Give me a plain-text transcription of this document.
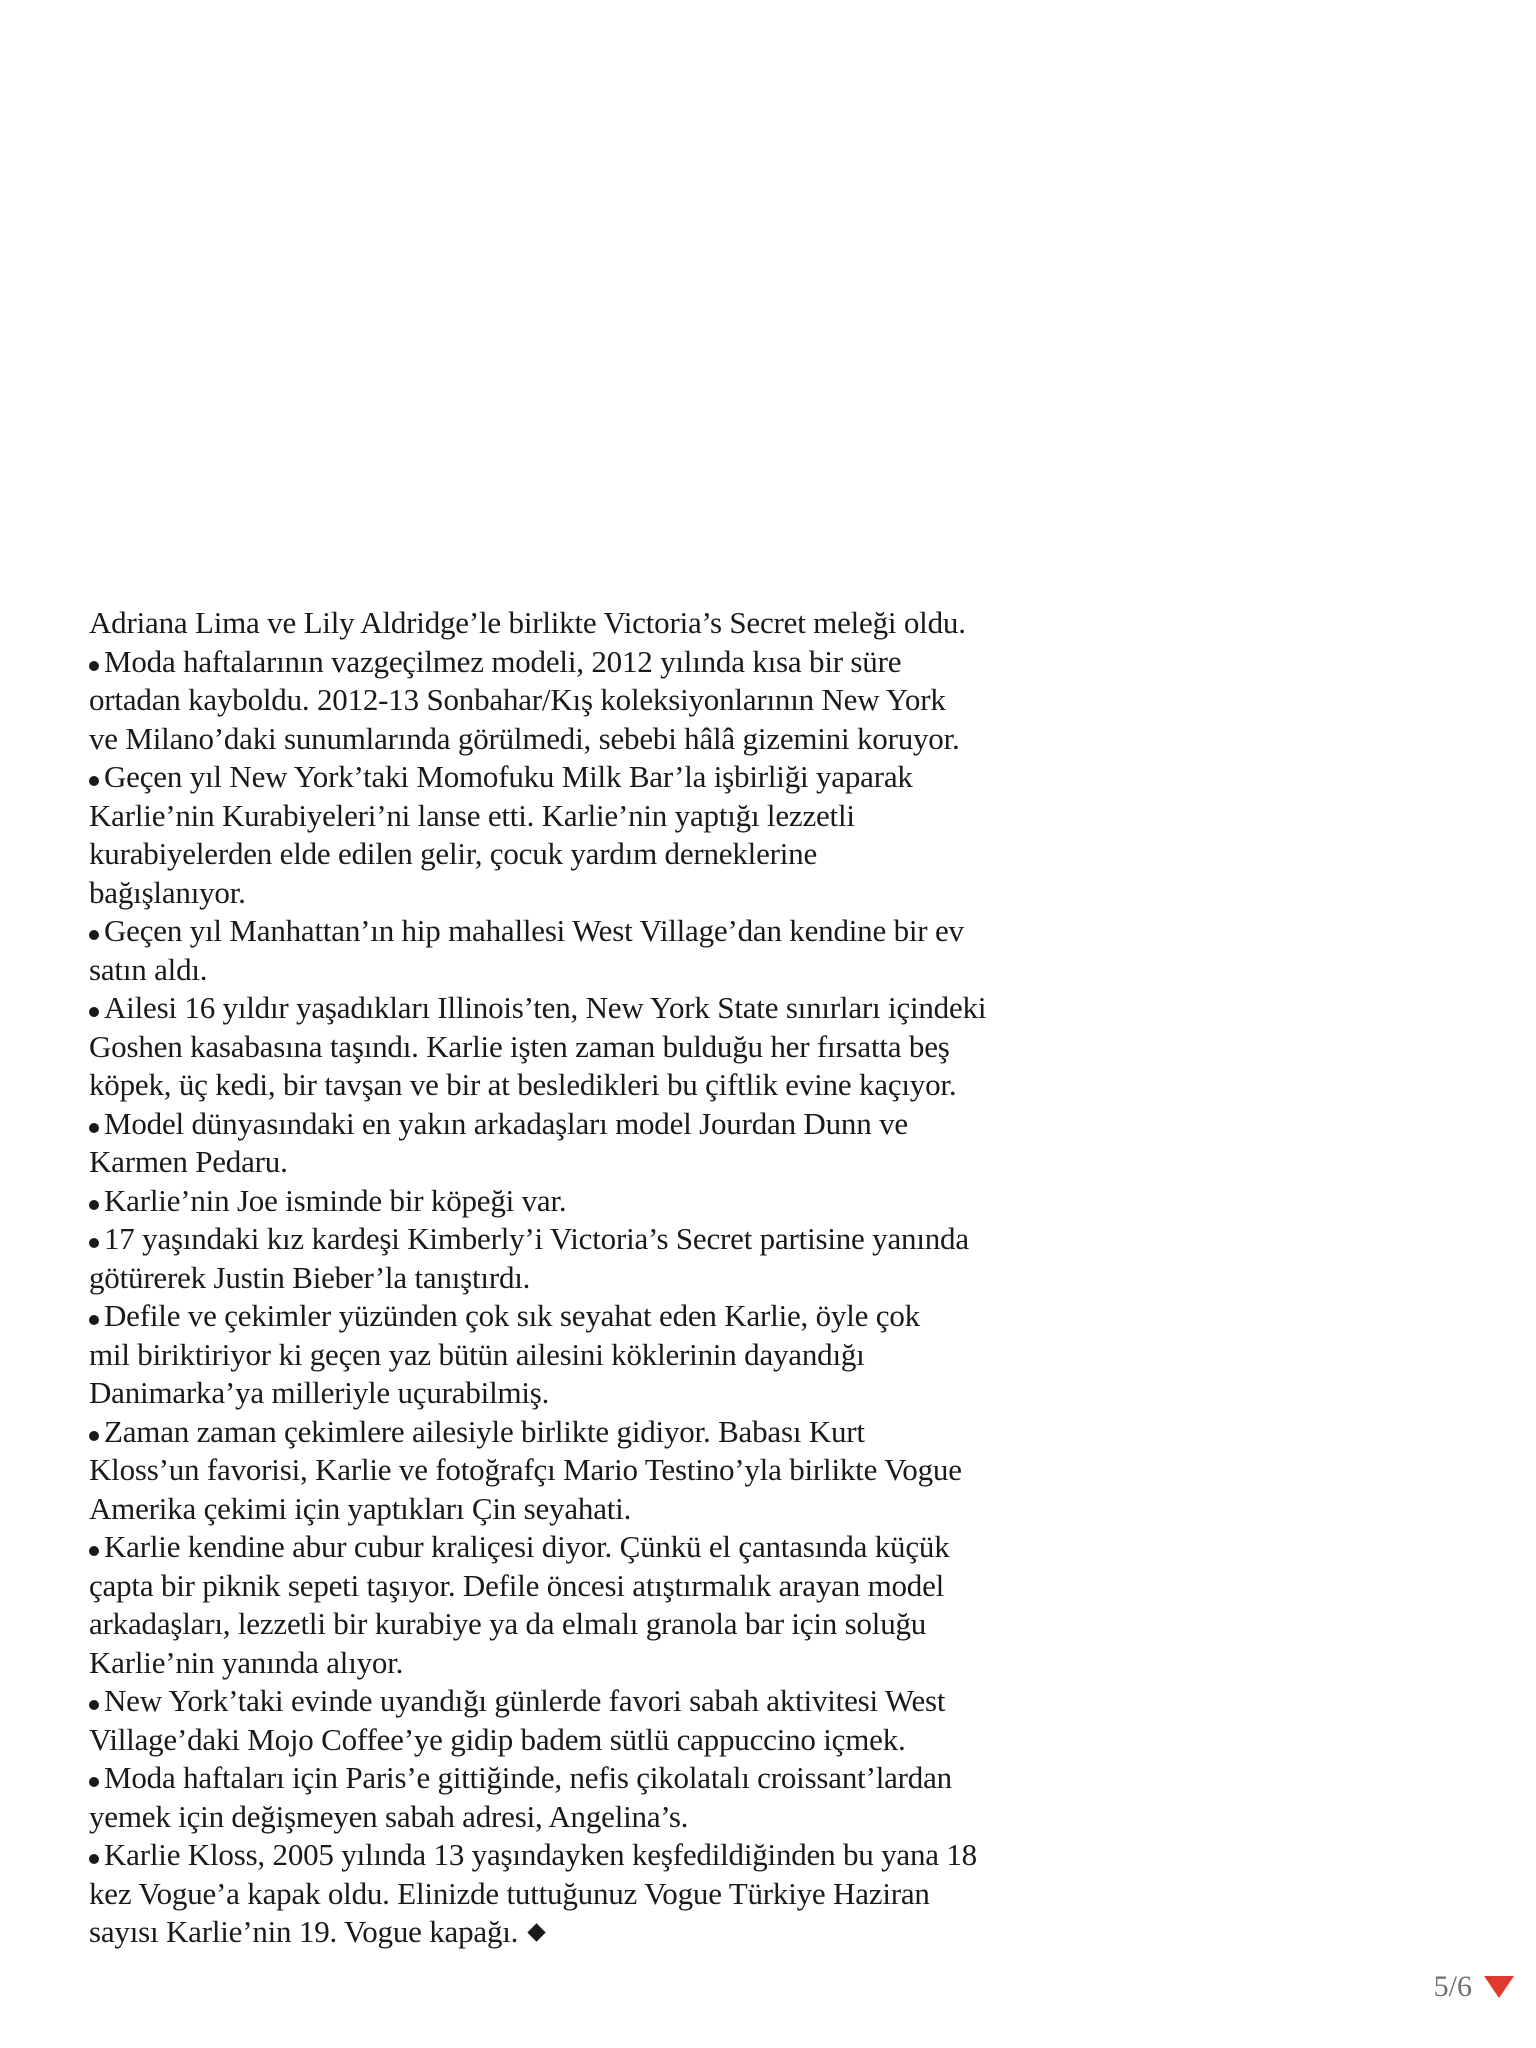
Adriana Lima ve Lily Aldridge’le birlikte Victoria’s Secret meleği oldu.

Moda haftalarının vazgeçilmez modeli, 2012 yılında kısa bir süre
ortadan kayboldu. 2012-13 Sonbahar/Kış koleksiyonlarının New York
ve Milano’daki sunumlarında görülmedi, sebebi hâlâ gizemini koruyor.

Geçen yıl New York’taki Momofuku Milk Bar’la işbirliği yaparak
Karlie’nin Kurabiyeleri’ni lanse etti. Karlie’nin yaptığı lezzetli
kurabiyelerden elde edilen gelir, çocuk yardım derneklerine
bağışlanıyor.

Geçen yıl Manhattan’ın hip mahallesi West Village’dan kendine bir ev
satın aldı.

Ailesi 16 yıldır yaşadıkları Illinois’ten, New York State sınırları içindeki
Goshen kasabasına taşındı. Karlie işten zaman bulduğu her fırsatta beş
köpek, üç kedi, bir tavşan ve bir at besledikleri bu çiftlik evine kaçıyor.

Model dünyasındaki en yakın arkadaşları model Jourdan Dunn ve
Karmen Pedaru.

Karlie’nin Joe isminde bir köpeği var.

17 yaşındaki kız kardeşi Kimberly’i Victoria’s Secret partisine yanında
götürerek Justin Bieber’la tanıştırdı.

Defile ve çekimler yüzünden çok sık seyahat eden Karlie, öyle çok
mil biriktiriyor ki geçen yaz bütün ailesini köklerinin dayandığı
Danimarka’ya milleriyle uçurabilmiş.

Zaman zaman çekimlere ailesiyle birlikte gidiyor. Babası Kurt
Kloss’un favorisi, Karlie ve fotoğrafçı Mario Testino’yla birlikte Vogue
Amerika çekimi için yaptıkları Çin seyahati.

Karlie kendine abur cubur kraliçesi diyor. Çünkü el çantasında küçük
çapta bir piknik sepeti taşıyor. Defile öncesi atıştırmalık arayan model
arkadaşları, lezzetli bir kurabiye ya da elmalı granola bar için soluğu
Karlie’nin yanında alıyor.

New York’taki evinde uyandığı günlerde favori sabah aktivitesi West
Village’daki Mojo Coffee’ye gidip badem sütlü cappuccino içmek.

Moda haftaları için Paris’e gittiğinde, nefis çikolatalı croissant’lardan
yemek için değişmeyen sabah adresi, Angelina’s.

Karlie Kloss, 2005 yılında 13 yaşındayken keşfedildiğinden bu yana 18
kez Vogue’a kapak oldu. Elinizde tuttuğunuz Vogue Türkiye Haziran
sayısı Karlie’nin 19. Vogue kapağı.

5/6
